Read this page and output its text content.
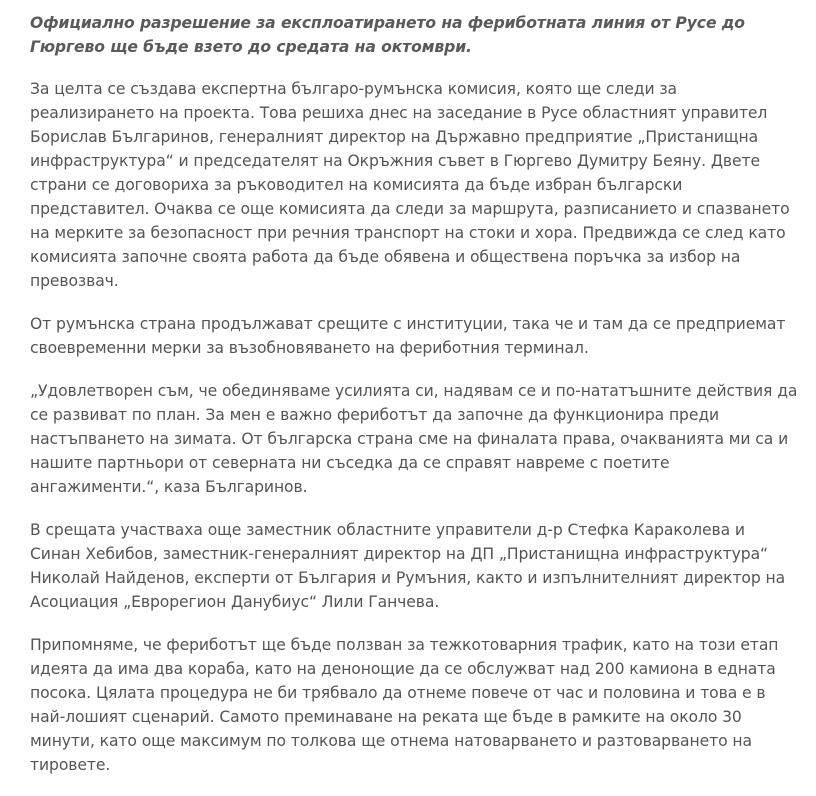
Официално разрешение за експлоатирането на фериботната линия от Русе до Гюргево ще бъде взето до средата на октомври.

За целта се създава експертна българо-румънска комисия, която ще следи за реализирането на проекта. Това решиха днес на заседание в Русе областният управител Борислав Българинов, генералният директор на Държавно предприятие „Пристанищна инфраструктура“ и председателят на Окръжния съвет в Гюргево Думитру Беяну. Двете страни се договориха за ръководител на комисията да бъде избран български представител. Очаква се още комисията да следи за маршрута, разписанието и спазването на мерките за безопасност при речния транспорт на стоки и хора. Предвижда се след като комисията започне своята работа да бъде обявена и обществена поръчка за избор на превозвач.

От румънска страна продължават срещите с институции, така че и там да се предприемат своевременни мерки за възобновяването на фериботния терминал.

„Удовлетворен съм, че обединяваме усилията си, надявам се и по-нататъшните действия да се развиват по план. За мен е важно фериботът да започне да функционира преди настъпването на зимата. От българска страна сме на финалата права, очакванията ми са и нашите партньори от северната ни съседка да се справят навреме с поетите ангажименти.“, каза Българинов.

В срещата участваха още заместник областните управители д-р Стефка Караколева и Синан Хебибов, заместник-генералният директор на ДП „Пристанищна инфраструктура“ Николай Найденов, експерти от България и Румъния, както и изпълнителният директор на Асоциация „Еврорегион Данубиус“ Лили Ганчева.

Припомняме, че фериботът ще бъде ползван за тежкотоварния трафик, като на този етап идеята да има два кораба, като на денонощие да се обслужват над 200 камиона в едната посока. Цялата процедура не би трябвало да отнеме повече от час и половина и това е в най-лошият сценарий. Самото преминаване на реката ще бъде в рамките на около 30 минути, като още максимум по толкова ще отнема натоварването и разтоварването на тировете.
